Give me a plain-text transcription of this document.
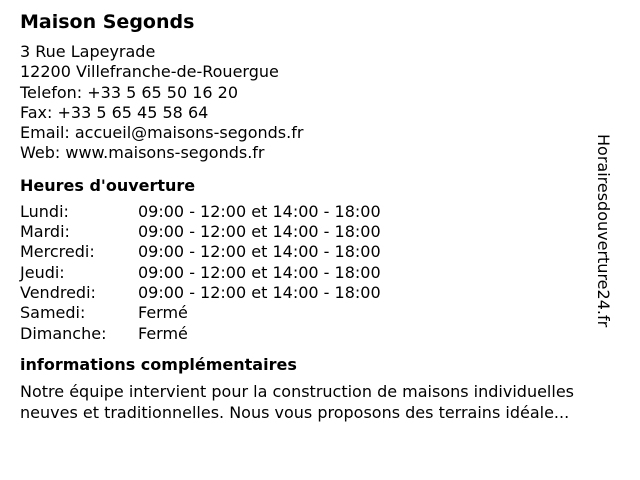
Maison Segonds
3 Rue Lapeyrade
12200 Villefranche-de-Rouergue
Telefon: +33 5 65 50 16 20
Fax: +33 5 65 45 58 64
Email: accueil@maisons-segonds.fr
Web: www.maisons-segonds.fr
Heures d'ouverture
Lundi:	09:00 - 12:00 et 14:00 - 18:00
Mardi:	09:00 - 12:00 et 14:00 - 18:00
Mercredi:	09:00 - 12:00 et 14:00 - 18:00
Jeudi:	09:00 - 12:00 et 14:00 - 18:00
Vendredi:	09:00 - 12:00 et 14:00 - 18:00
Samedi:	Fermé
Dimanche: Fermé
informations complémentaires

Notre équipe intervient pour la construction de maisons individuelles neuves et traditionnelles. Nous vous proposons des terrains idéale...

Horairesdouverture24.fr
